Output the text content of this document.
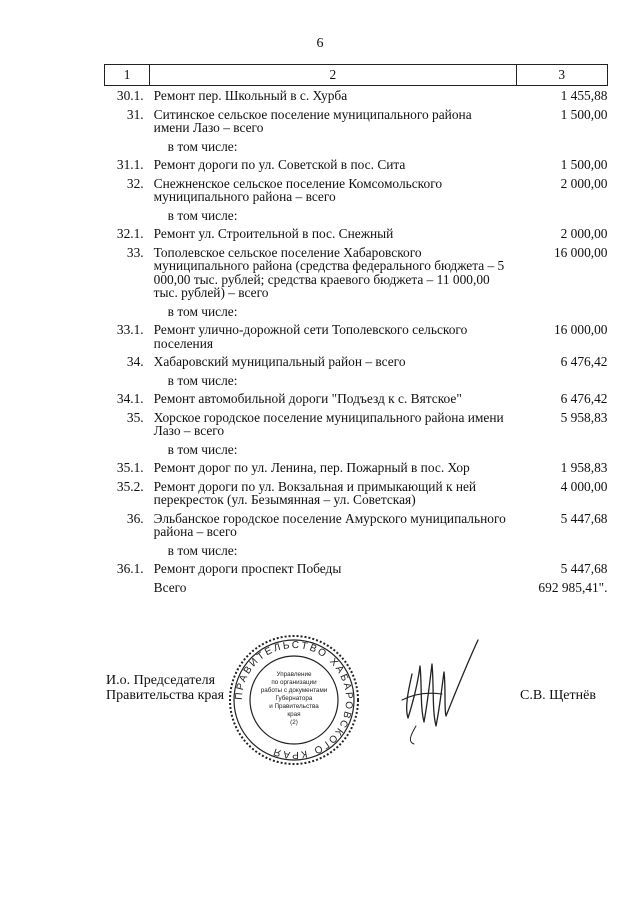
6
1	2	3
30.1.	Ремонт пер. Школьный в с. Хурба	1 455,88
31.	Ситинское сельское поселение муниципального района имени Лазо – всего	1 500,00
	в том числе:	
31.1.	Ремонт дороги по ул. Советской в пос. Сита	1 500,00
32.	Снежненское сельское поселение Комсомольского муниципального района – всего	2 000,00
	в том числе:	
32.1.	Ремонт ул. Строительной в пос. Снежный	2 000,00
33.	Тополевское сельское поселение Хабаровского муниципального района (средства федерального бюджета – 5 000,00 тыс. рублей; средства краевого бюджета – 11 000,00 тыс. рублей) – всего	16 000,00
	в том числе:	
33.1.	Ремонт улично-дорожной сети Тополевского сельского поселения	16 000,00
34.	Хабаровский муниципальный район – всего	6 476,42
	в том числе:	
34.1.	Ремонт автомобильной дороги "Подъезд к с. Вятское"	6 476,42
35.	Хорское городское поселение муниципального района имени Лазо – всего	5 958,83
	в том числе:	
35.1.	Ремонт дорог по ул. Ленина, пер. Пожарный в пос. Хор	1 958,83
35.2.	Ремонт дороги по ул. Вокзальная и примыкающий к ней перекресток (ул. Безымянная – ул. Советская)	4 000,00
36.	Эльбанское городское поселение Амурского муниципального района – всего	5 447,68
	в том числе:	
36.1.	Ремонт дороги проспект Победы	5 447,68
	Всего	692 985,41".
И.о. Председателя
Правительства края ПРАВИТЕЛЬСТВО ХАБАРОВСКОГО КРАЯ
Управление
по организации
работы с документами
Губернатора
и Правительства
края
(2)
С.В. Щетнёв
